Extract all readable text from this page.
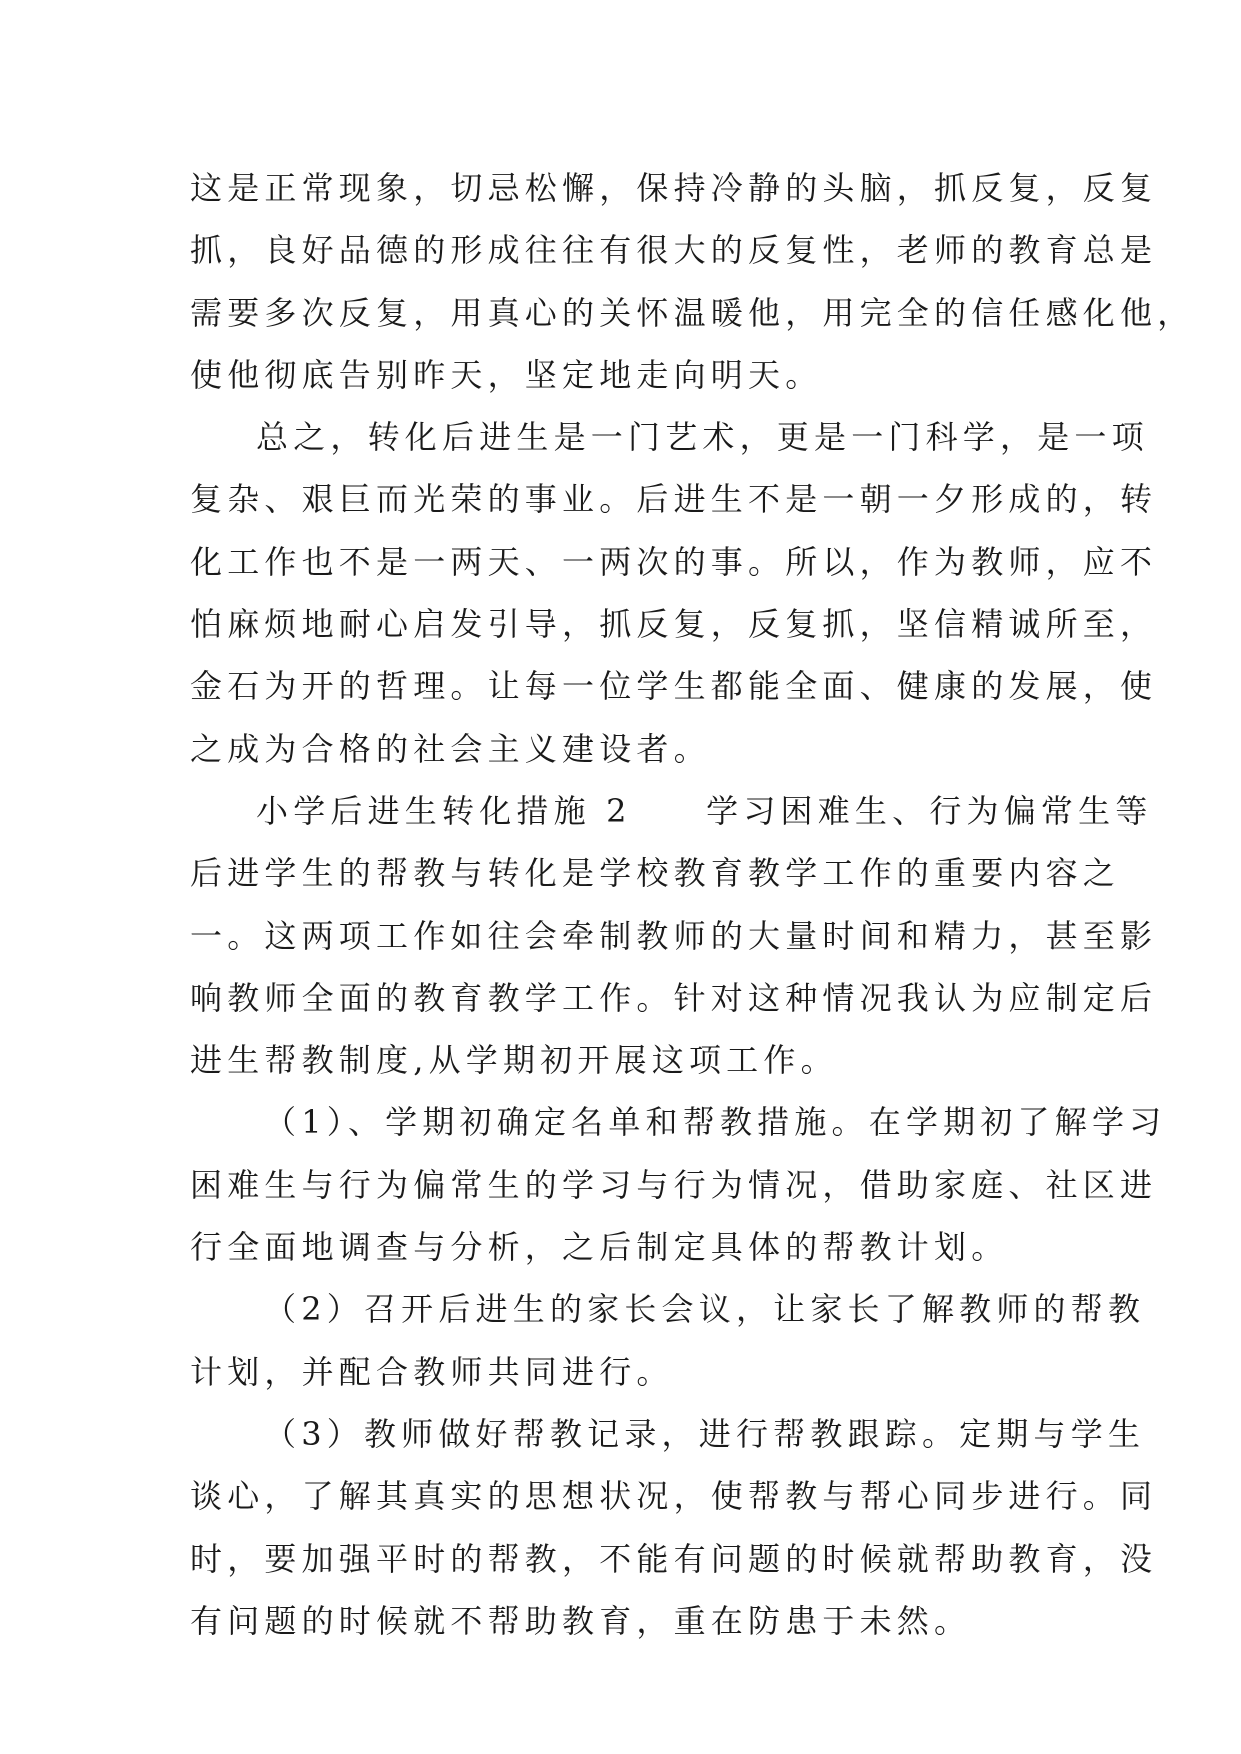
这是正常现象，切忌松懈，保持冷静的头脑，抓反复，反复
抓，良好品德的形成往往有很大的反复性，老师的教育总是
需要多次反复，用真心的关怀温暖他，用完全的信任感化他，
使他彻底告别昨天，坚定地走向明天。
总之，转化后进生是一门艺术，更是一门科学，是一项
复杂、艰巨而光荣的事业。后进生不是一朝一夕形成的，转
化工作也不是一两天、一两次的事。所以，作为教师，应不
怕麻烦地耐心启发引导，抓反复，反复抓，坚信精诚所至，
金石为开的哲理。让每一位学生都能全面、健康的发展，使
之成为合格的社会主义建设者。
小学后进生转化措施 2　　学习困难生、行为偏常生等
后进学生的帮教与转化是学校教育教学工作的重要内容之
一。这两项工作如往会牵制教师的大量时间和精力，甚至影
响教师全面的教育教学工作。针对这种情况我认为应制定后
进生帮教制度,从学期初开展这项工作。
（1）、学期初确定名单和帮教措施。在学期初了解学习
困难生与行为偏常生的学习与行为情况，借助家庭、社区进
行全面地调查与分析，之后制定具体的帮教计划。
（2）召开后进生的家长会议，让家长了解教师的帮教
计划，并配合教师共同进行。
（3）教师做好帮教记录，进行帮教跟踪。定期与学生
谈心，了解其真实的思想状况，使帮教与帮心同步进行。同
时，要加强平时的帮教，不能有问题的时候就帮助教育，没
有问题的时候就不帮助教育，重在防患于未然。
